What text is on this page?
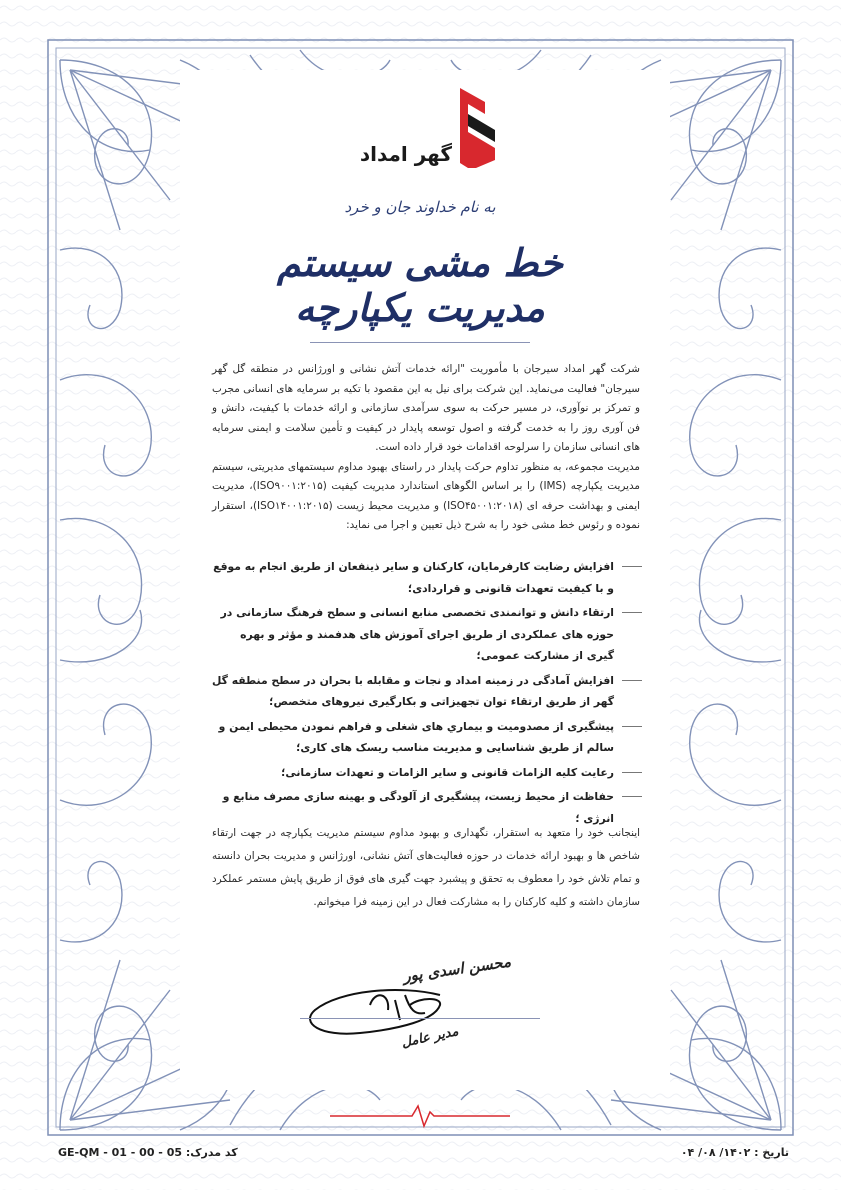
گهر امداد
به نام خداوند جان و خرد
خط مشی سیستم مدیریت یکپارچه

شرکت گهر امداد سیرجان با مأموریت "ارائه خدمات آتش نشانی و اورژانس در منطقه گل گهر سیرجان" فعالیت می‌نماید. این شرکت برای نیل به این مقصود با تکیه بر سرمایه های انسانی مجرب و تمرکز بر نوآوری، در مسیر حرکت به سوی سرآمدی سازمانی و ارائه خدمات با کیفیت، دانش و فن آوری روز را به خدمت گرفته و اصول توسعه پایدار در کیفیت و تأمین سلامت و ایمنی سرمایه های انسانی سازمان را سرلوحه اقدامات خود قرار داده است.

مدیریت مجموعه، به منظور تداوم حرکت پایدار در راستای بهبود مداوم سیستمهای مدیریتی، سیستم مدیریت یکپارچه (IMS) را بر اساس الگوهای استاندارد مدیریت کیفیت (ISO۹۰۰۱:۲۰۱۵)، مدیریت ایمنی و بهداشت حرفه ای (ISO۴۵۰۰۱:۲۰۱۸) و مدیریت محیط زیست (ISO۱۴۰۰۱:۲۰۱۵)، استقرار نموده و رئوس خط مشی خود را به شرح ذیل تعیین و اجرا می نماید:

افزایش رضایت کارفرمایان، کارکنان و سایر ذینفعان از طریق انجام به موقع و با کیفیت تعهدات قانونی و قراردادی؛
ارتقاء دانش و توانمندی تخصصی منابع انسانی و سطح فرهنگ سازمانی در حوزه های عملکردی از طریق اجرای آموزش های هدفمند و مؤثر و بهره گیری از مشارکت عمومی؛
افزایش آمادگی در زمینه امداد و نجات و مقابله با بحران در سطح منطقه گل گهر از طریق ارتقاء توان تجهیزاتی و بکارگیری نیروهای متخصص؛
پیشگیری از مصدومیت و بیماري های شغلی و فراهم نمودن محیطی ایمن و سالم از طریق شناسایی و مدیریت مناسب ریسک های کاری؛
رعایت کلیه الزامات قانونی و سایر الزامات و تعهدات سازمانی؛
حفاظت از محیط زیست، پیشگیری از آلودگی و بهینه سازی مصرف منابع و انرژی ؛
اینجانب خود را متعهد به استقرار، نگهداری و بهبود مداوم سیستم مدیریت یکپارچه در جهت ارتقاء شاخص ها و بهبود ارائه خدمات در حوزه فعالیت‌های آتش نشانی، اورژانس و مدیریت بحران دانسته و تمام تلاش خود را معطوف به تحقق و پیشبرد جهت گیری های فوق از طریق پایش مستمر عملکرد سازمان داشته و کلیه کارکنان را به مشارکت فعال در این زمینه فرا میخوانم.
محسن اسدی پور
مدیر عامل
کد مدرک: GE-QM - 01 - 00 - 05	تاریخ : ۱۴۰۲/ ۰۸/ ۰۴
